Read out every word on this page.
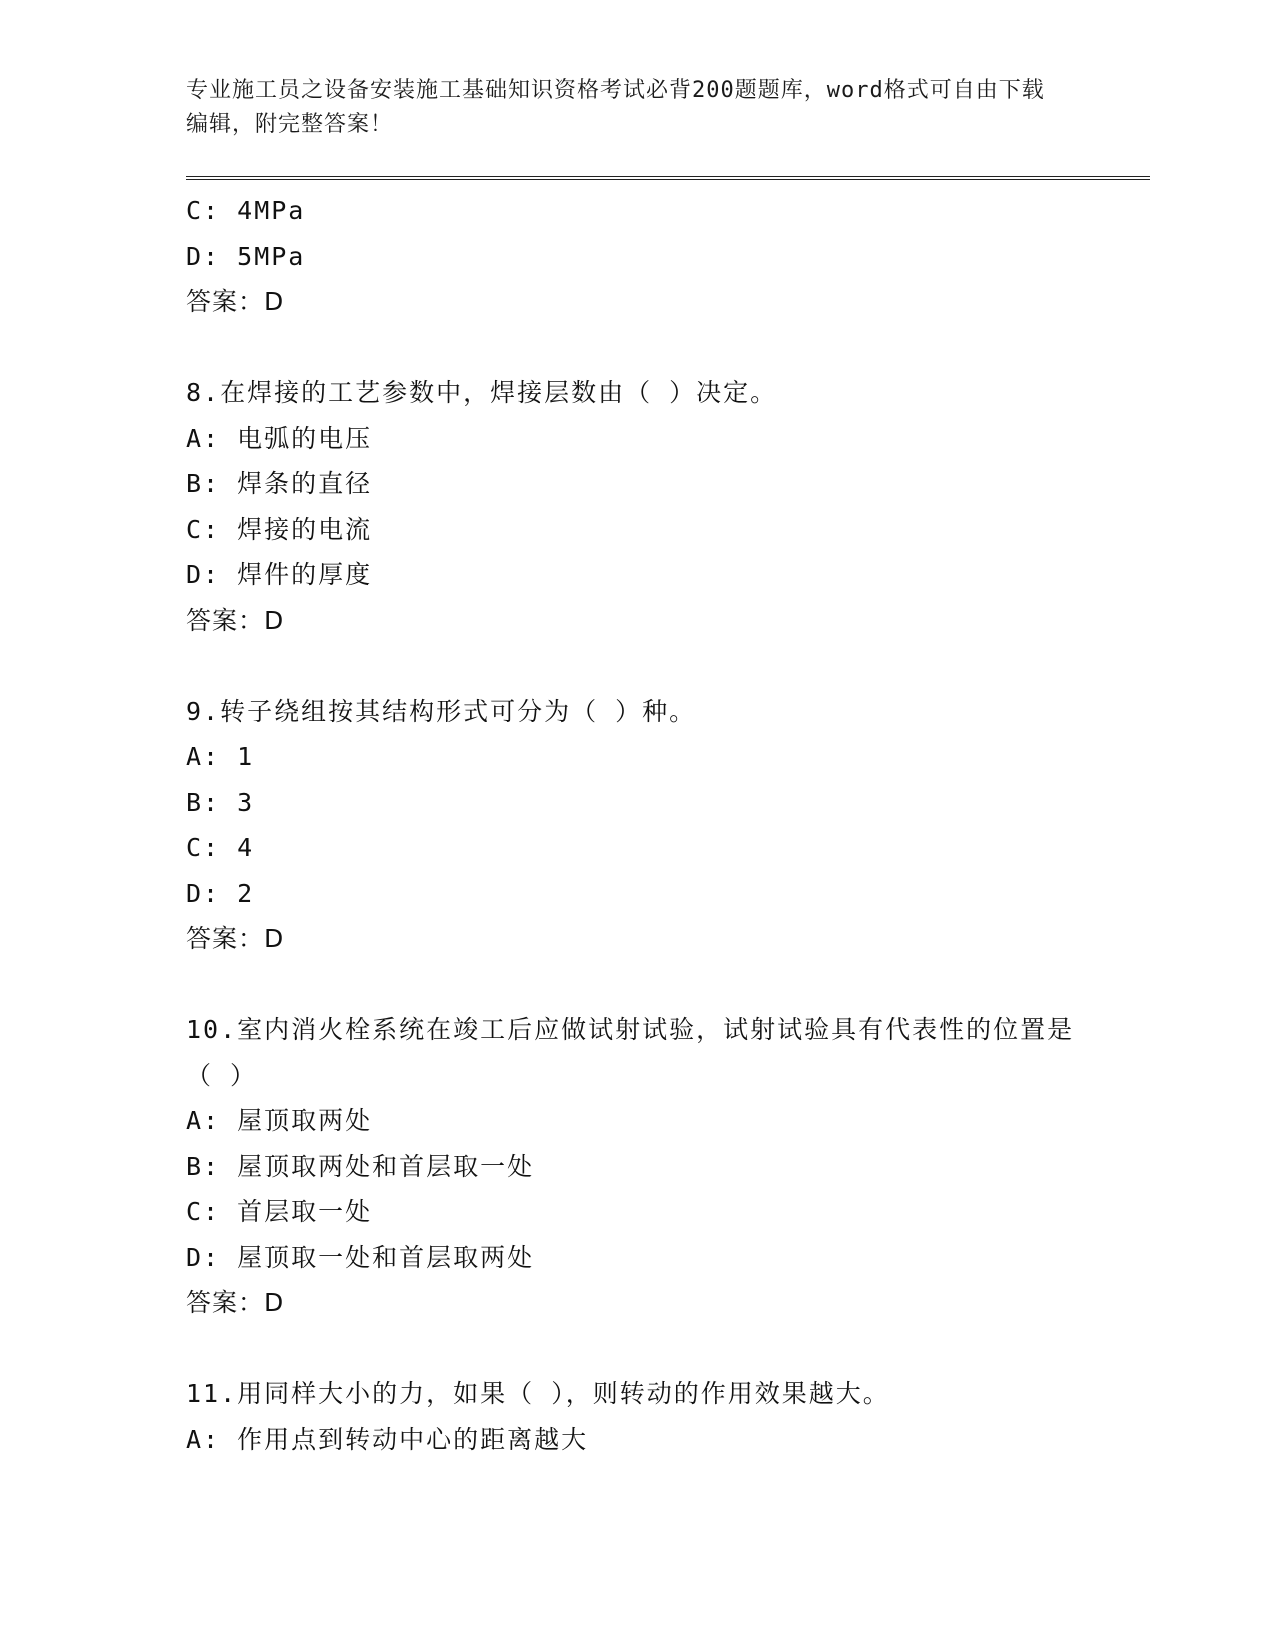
专业施工员之设备安装施工基础知识资格考试必背200题题库，word格式可自由下载编辑，附完整答案！
C: 4MPa
D: 5MPa
答案：D
8.在焊接的工艺参数中，焊接层数由（ ）决定。
A: 电弧的电压
B: 焊条的直径
C: 焊接的电流
D: 焊件的厚度
答案：D
9.转子绕组按其结构形式可分为（ ）种。
A: 1
B: 3
C: 4
D: 2
答案：D
10.室内消火栓系统在竣工后应做试射试验，试射试验具有代表性的位置是（ ）
A: 屋顶取两处
B: 屋顶取两处和首层取一处
C: 首层取一处
D: 屋顶取一处和首层取两处
答案：D
11.用同样大小的力，如果（ ），则转动的作用效果越大。
A: 作用点到转动中心的距离越大
